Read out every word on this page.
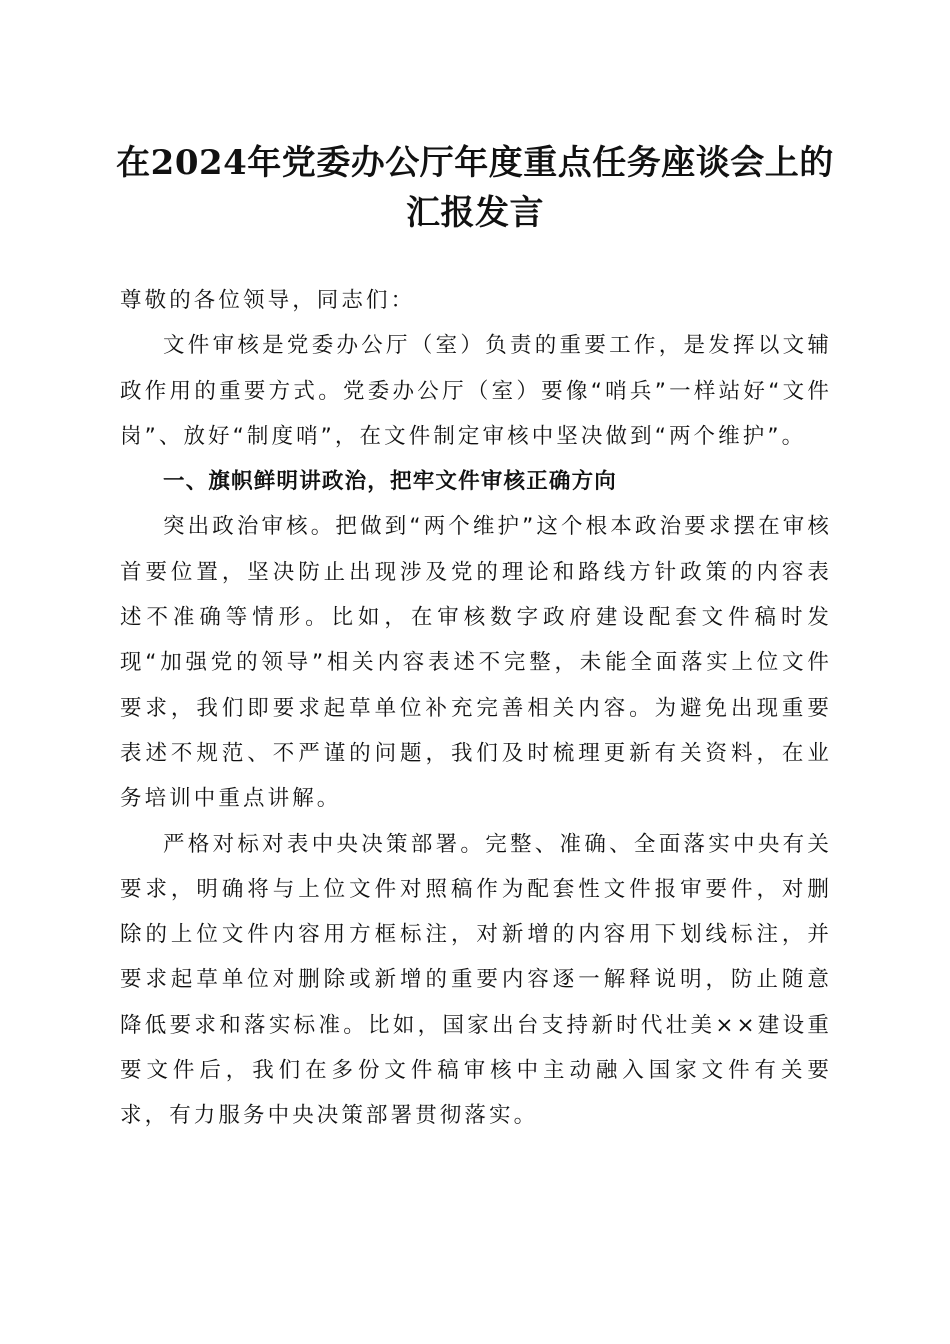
在2024年党委办公厅年度重点任务座谈会上的汇报发言

尊敬的各位领导，同志们：

文件审核是党委办公厅（室）负责的重要工作，是发挥以文辅政作用的重要方式。党委办公厅（室）要像“哨兵”一样站好“文件岗”、放好“制度哨”，在文件制定审核中坚决做到“两个维护”。

一、旗帜鲜明讲政治，把牢文件审核正确方向

突出政治审核。把做到“两个维护”这个根本政治要求摆在审核首要位置，坚决防止出现涉及党的理论和路线方针政策的内容表述不准确等情形。比如，在审核数字政府建设配套文件稿时发现“加强党的领导”相关内容表述不完整，未能全面落实上位文件要求，我们即要求起草单位补充完善相关内容。为避免出现重要表述不规范、不严谨的问题，我们及时梳理更新有关资料，在业务培训中重点讲解。

严格对标对表中央决策部署。完整、准确、全面落实中央有关要求，明确将与上位文件对照稿作为配套性文件报审要件，对删除的上位文件内容用方框标注，对新增的内容用下划线标注，并要求起草单位对删除或新增的重要内容逐一解释说明，防止随意降低要求和落实标准。比如，国家出台支持新时代壮美××建设重要文件后，我们在多份文件稿审核中主动融入国家文件有关要求，有力服务中央决策部署贯彻落实。
